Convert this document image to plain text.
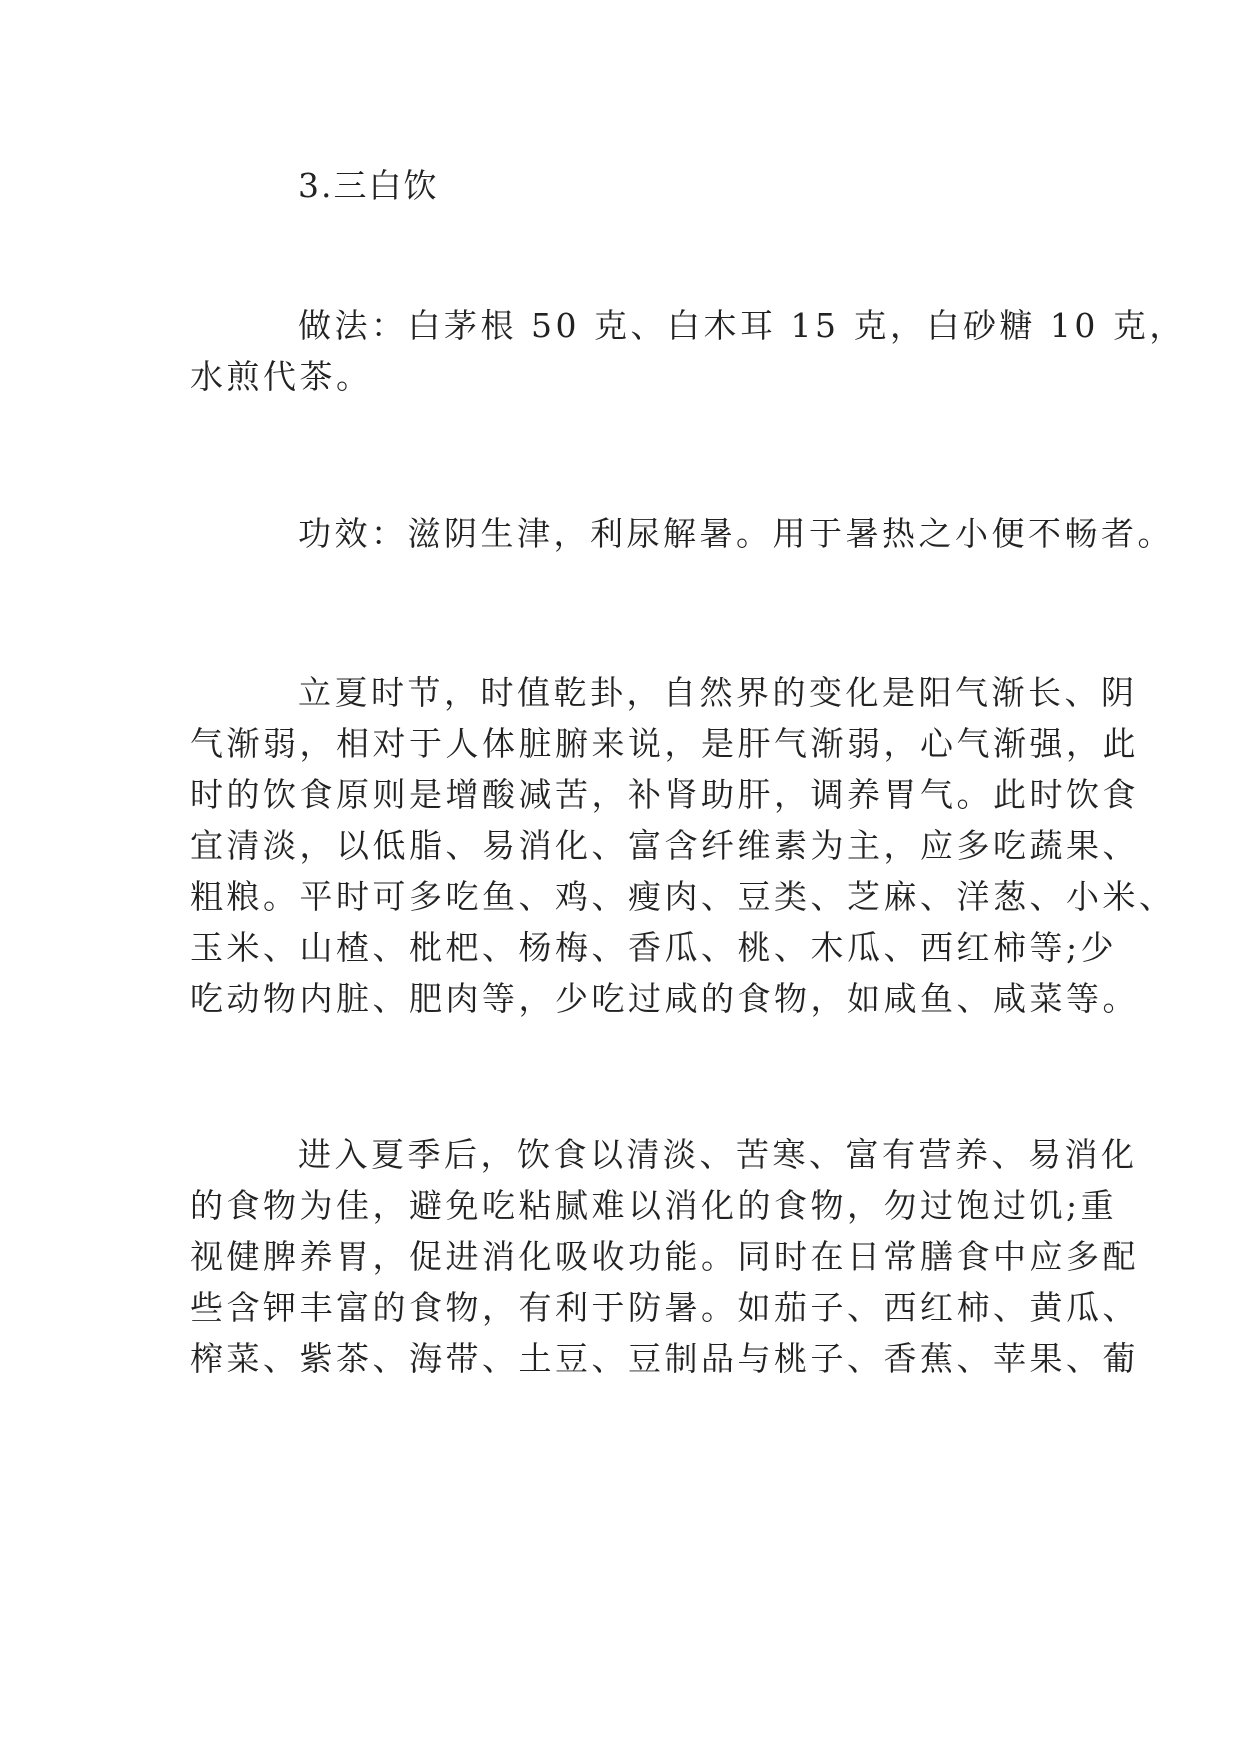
3.三白饮
做法：白茅根 50 克、白木耳 15 克，白砂糖 10 克，
水煎代茶。
功效：滋阴生津，利尿解暑。用于暑热之小便不畅者。
立夏时节，时值乾卦，自然界的变化是阳气渐长、阴
气渐弱，相对于人体脏腑来说，是肝气渐弱，心气渐强，此
时的饮食原则是增酸减苦，补肾助肝，调养胃气。此时饮食
宜清淡，以低脂、易消化、富含纤维素为主，应多吃蔬果、
粗粮。平时可多吃鱼、鸡、瘦肉、豆类、芝麻、洋葱、小米、
玉米、山楂、枇杷、杨梅、香瓜、桃、木瓜、西红柿等;少
吃动物内脏、肥肉等，少吃过咸的食物，如咸鱼、咸菜等。
进入夏季后，饮食以清淡、苦寒、富有营养、易消化
的食物为佳，避免吃粘腻难以消化的食物，勿过饱过饥;重
视健脾养胃，促进消化吸收功能。同时在日常膳食中应多配
些含钾丰富的食物，有利于防暑。如茄子、西红柿、黄瓜、
榨菜、紫茶、海带、土豆、豆制品与桃子、香蕉、苹果、葡
